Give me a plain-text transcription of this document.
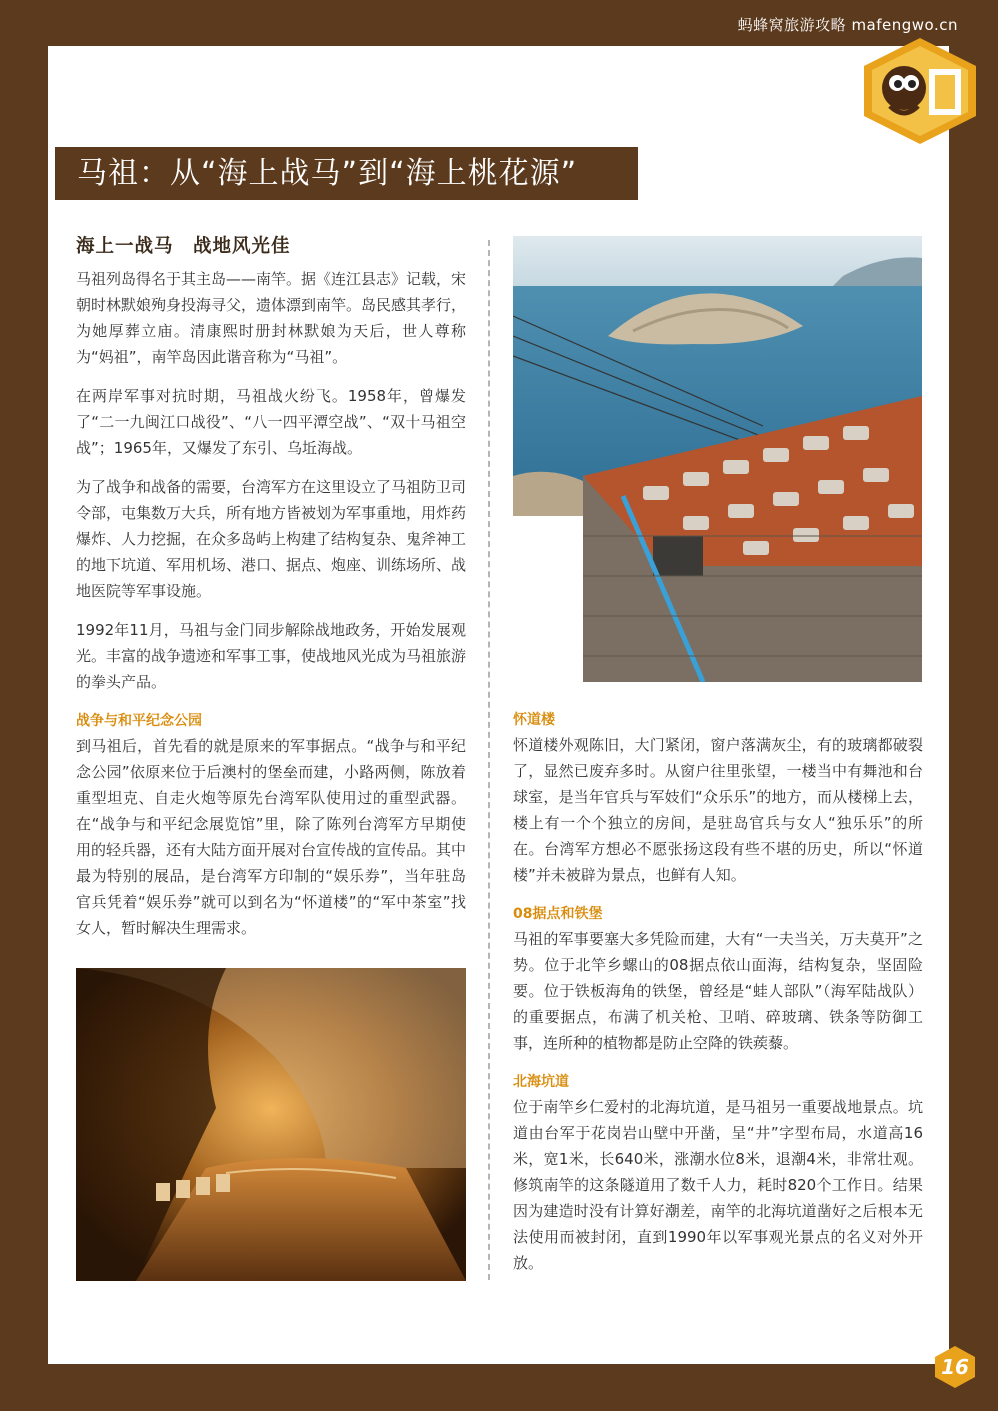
蚂蜂窝旅游攻略 mafengwo.cn
马祖：从“海上战马”到“海上桃花源”
海上一战马　战地风光佳

马祖列岛得名于其主岛——南竿。据《连江县志》记载，宋朝时林默娘殉身投海寻父，遗体漂到南竿。岛民感其孝行，为她厚葬立庙。清康熙时册封林默娘为天后，世人尊称为“妈祖”，南竿岛因此谐音称为“马祖”。

在两岸军事对抗时期，马祖战火纷飞。1958年，曾爆发了“二一九闽江口战役”、“八一四平潭空战”、“双十马祖空战”；1965年，又爆发了东引、乌坵海战。

为了战争和战备的需要，台湾军方在这里设立了马祖防卫司令部，屯集数万大兵，所有地方皆被划为军事重地，用炸药爆炸、人力挖掘，在众多岛屿上构建了结构复杂、鬼斧神工的地下坑道、军用机场、港口、据点、炮座、训练场所、战地医院等军事设施。

1992年11月，马祖与金门同步解除战地政务，开始发展观光。丰富的战争遗迹和军事工事，使战地风光成为马祖旅游的拳头产品。

战争与和平纪念公园

到马祖后，首先看的就是原来的军事据点。“战争与和平纪念公园”依原来位于后澳村的堡垒而建，小路两侧，陈放着重型坦克、自走火炮等原先台湾军队使用过的重型武器。在“战争与和平纪念展览馆”里，除了陈列台湾军方早期使用的轻兵器，还有大陆方面开展对台宣传战的宣传品。其中最为特别的展品，是台湾军方印制的“娱乐券”，当年驻岛官兵凭着“娱乐券”就可以到名为“怀道楼”的“军中茶室”找女人，暂时解决生理需求。

怀道楼

怀道楼外观陈旧，大门紧闭，窗户落满灰尘，有的玻璃都破裂了，显然已废弃多时。从窗户往里张望，一楼当中有舞池和台球室，是当年官兵与军妓们“众乐乐”的地方，而从楼梯上去，楼上有一个个独立的房间，是驻岛官兵与女人“独乐乐”的所在。台湾军方想必不愿张扬这段有些不堪的历史，所以“怀道楼”并未被辟为景点，也鲜有人知。

08据点和铁堡

马祖的军事要塞大多凭险而建，大有“一夫当关，万夫莫开”之势。位于北竿乡螺山的08据点依山面海，结构复杂，坚固险要。位于铁板海角的铁堡，曾经是“蛙人部队”（海军陆战队）的重要据点，布满了机关枪、卫哨、碎玻璃、铁条等防御工事，连所种的植物都是防止空降的铁蒺藜。

北海坑道

位于南竿乡仁爱村的北海坑道，是马祖另一重要战地景点。坑道由台军于花岗岩山壁中开凿，呈“井”字型布局，水道高16米，宽1米，长640米，涨潮水位8米，退潮4米，非常壮观。修筑南竿的这条隧道用了数千人力，耗时820个工作日。结果因为建造时没有计算好潮差，南竿的北海坑道凿好之后根本无法使用而被封闭，直到1990年以军事观光景点的名义对外开放。

16
